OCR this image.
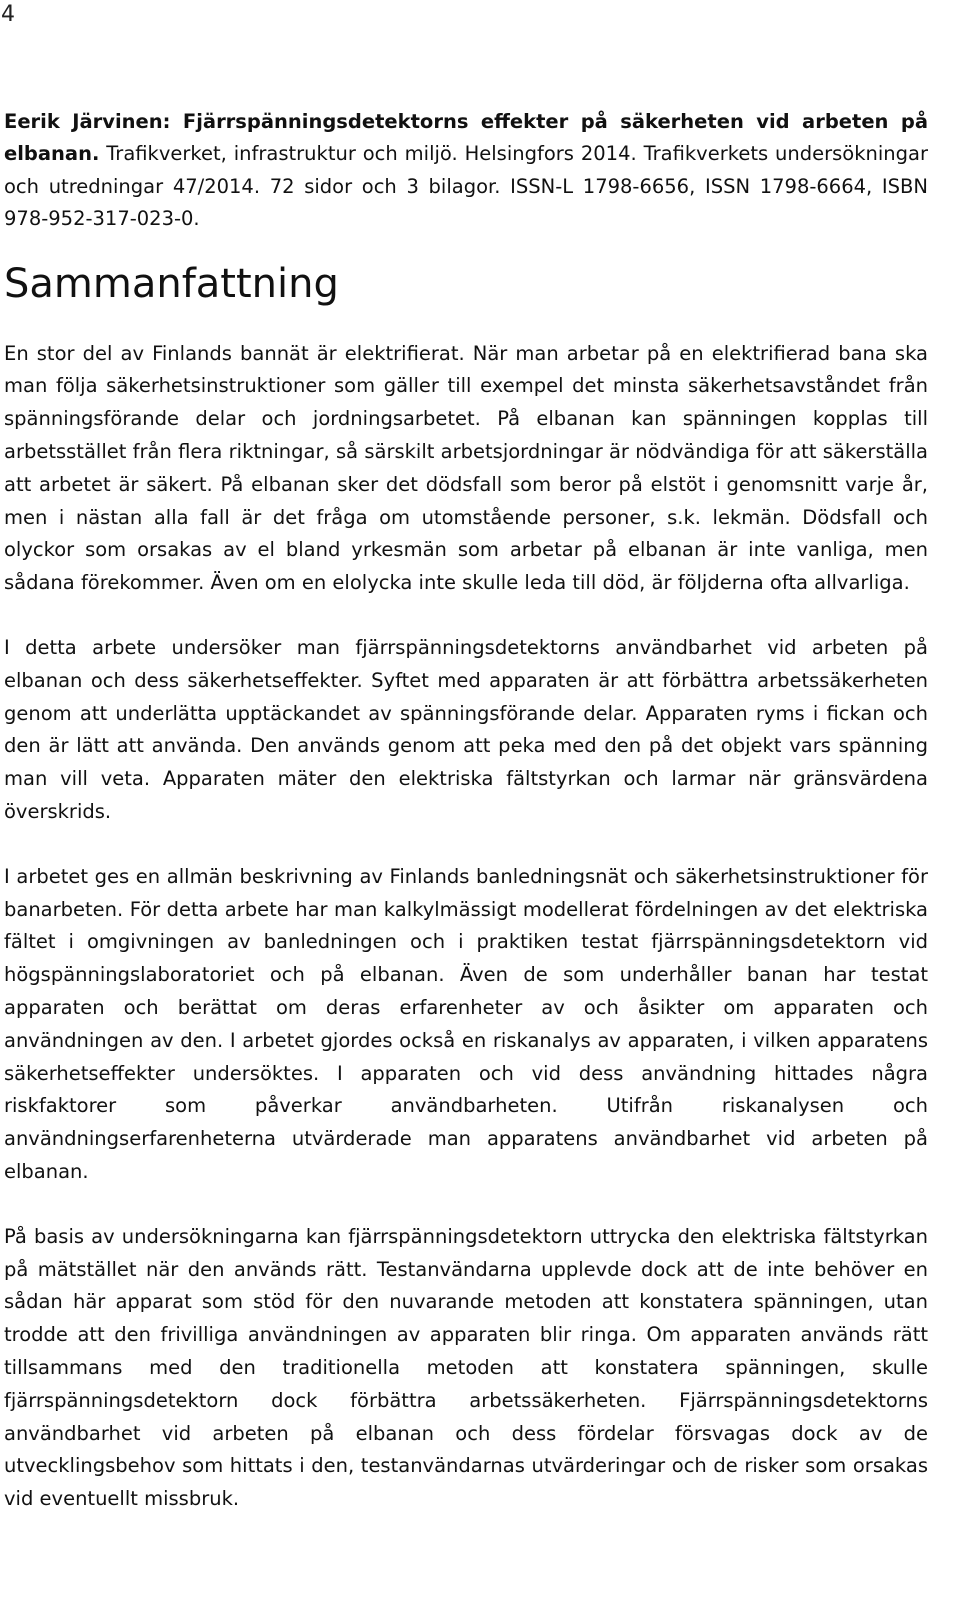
4

Eerik Järvinen: Fjärrspänningsdetektorns effekter på säkerheten vid arbeten på elbanan. Trafikverket, infrastruktur och miljö. Helsingfors 2014. Trafikverkets undersökningar och utredningar 47/2014. 72 sidor och 3 bilagor. ISSN-L 1798-6656, ISSN 1798-6664, ISBN 978-952-317-023-0.

Sammanfattning

En stor del av Finlands bannät är elektrifierat. När man arbetar på en elektrifierad bana ska man följa säkerhetsinstruktioner som gäller till exempel det minsta säkerhetsavståndet från spänningsförande delar och jordningsarbetet. På elbanan kan spänningen kopplas till arbetsstället från flera riktningar, så särskilt arbetsjordningar är nödvändiga för att säkerställa att arbetet är säkert. På elbanan sker det dödsfall som beror på elstöt i genomsnitt varje år, men i nästan alla fall är det fråga om utomstående personer, s.k. lekmän. Dödsfall och olyckor som orsakas av el bland yrkesmän som arbetar på elbanan är inte vanliga, men sådana förekommer. Även om en elolycka inte skulle leda till död, är följderna ofta allvarliga.

I detta arbete undersöker man fjärrspänningsdetektorns användbarhet vid arbeten på elbanan och dess säkerhetseffekter. Syftet med apparaten är att förbättra arbetssäkerheten genom att underlätta upptäckandet av spänningsförande delar. Apparaten ryms i fickan och den är lätt att använda. Den används genom att peka med den på det objekt vars spänning man vill veta. Apparaten mäter den elektriska fältstyrkan och larmar när gränsvärdena överskrids.

I arbetet ges en allmän beskrivning av Finlands banledningsnät och säkerhetsinstruktioner för banarbeten. För detta arbete har man kalkylmässigt modellerat fördelningen av det elektriska fältet i omgivningen av banledningen och i praktiken testat fjärrspänningsdetektorn vid högspänningslaboratoriet och på elbanan. Även de som underhåller banan har testat apparaten och berättat om deras erfarenheter av och åsikter om apparaten och användningen av den. I arbetet gjordes också en riskanalys av apparaten, i vilken apparatens säkerhetseffekter undersöktes. I apparaten och vid dess användning hittades några riskfaktorer som påverkar användbarheten. Utifrån riskanalysen och användningserfarenheterna utvärderade man apparatens användbarhet vid arbeten på elbanan.

På basis av undersökningarna kan fjärrspänningsdetektorn uttrycka den elektriska fältstyrkan på mätstället när den används rätt. Testanvändarna upplevde dock att de inte behöver en sådan här apparat som stöd för den nuvarande metoden att konstatera spänningen, utan trodde att den frivilliga användningen av apparaten blir ringa. Om apparaten används rätt tillsammans med den traditionella metoden att konstatera spänningen, skulle fjärrspänningsdetektorn dock förbättra arbetssäkerheten. Fjärrspänningsdetektorns användbarhet vid arbeten på elbanan och dess fördelar försvagas dock av de utvecklingsbehov som hittats i den, testanvändarnas utvärderingar och de risker som orsakas vid eventuellt missbruk.
